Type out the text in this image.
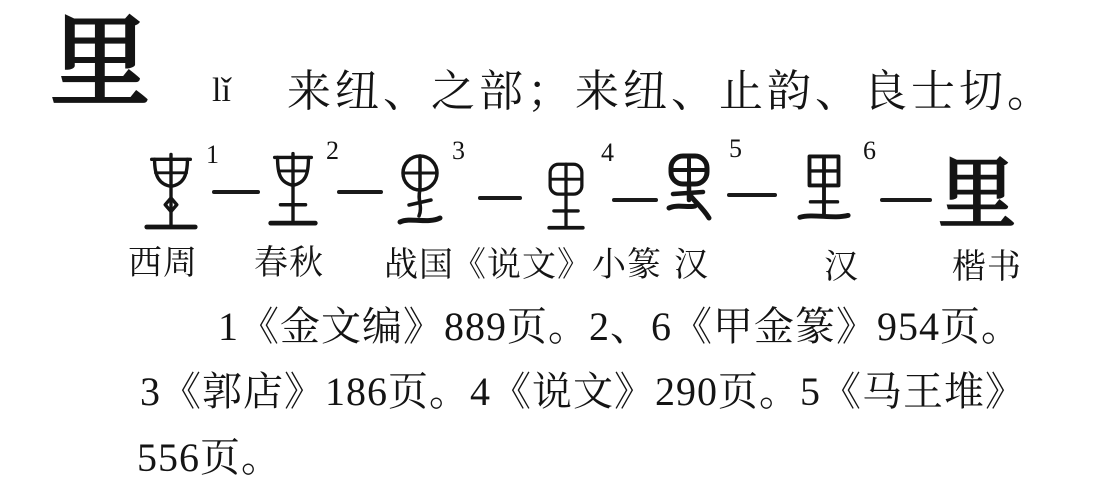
里 lǐ 来纽、之部；来纽、止韵、良士切。
里
1	2	3	4	5	6
西周 春秋 战国
《说文》小篆 汉	汉	楷书
1《金文编》889页。2、6《甲金篆》954页。
3《郭店》186页。4《说文》290页。5《马王堆》
556页。
